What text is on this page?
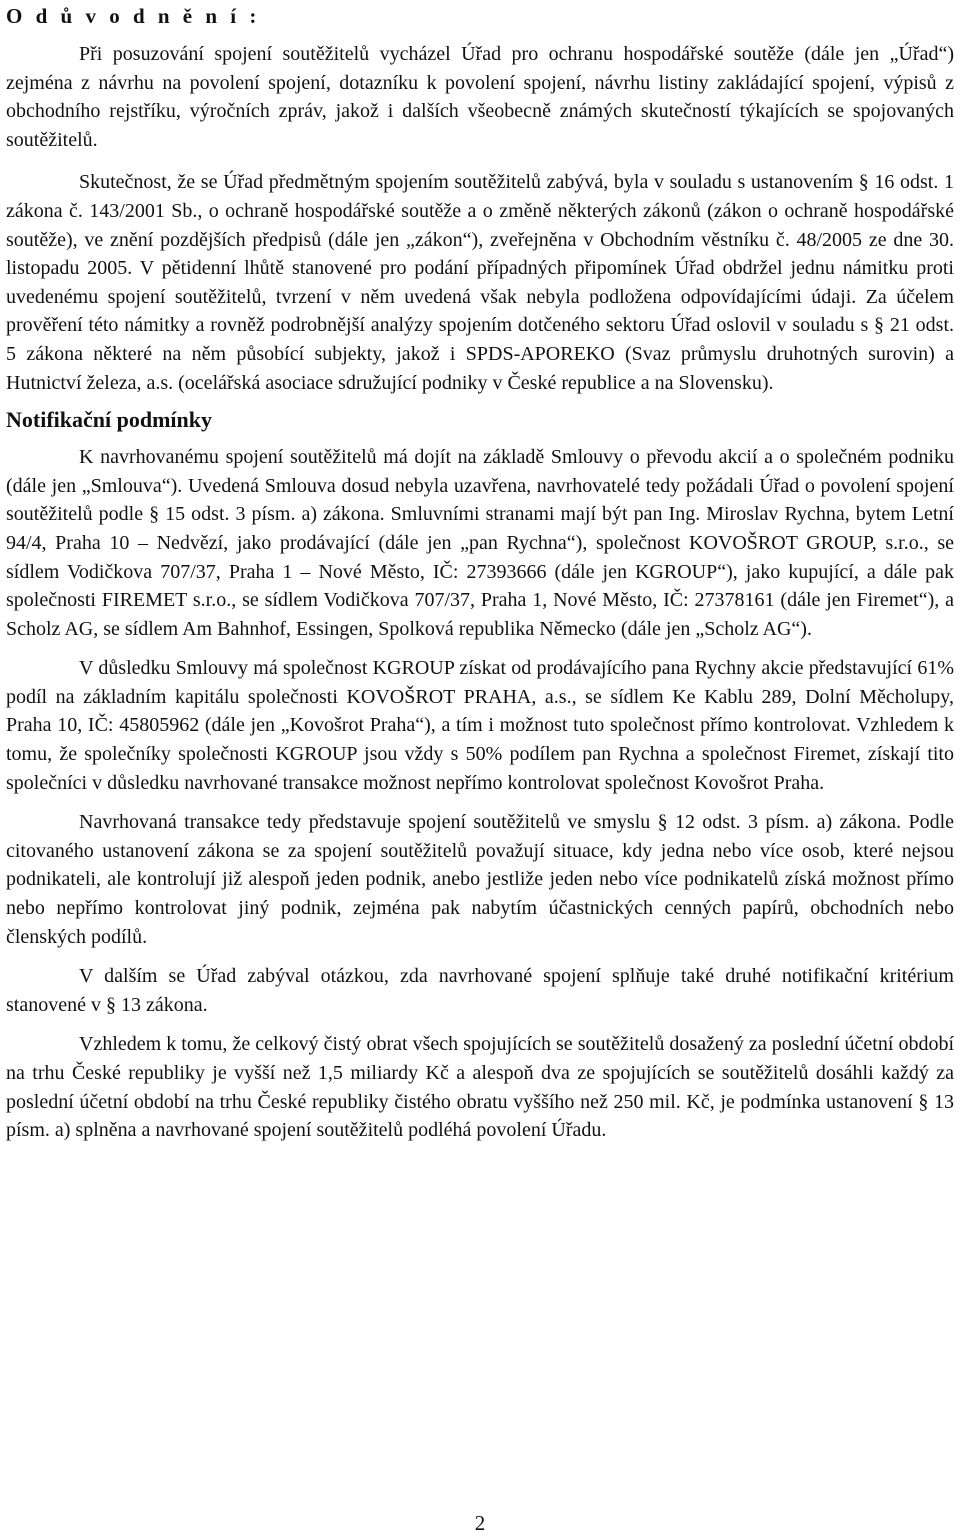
O d ů v o d n ě n í :

Při posuzování spojení soutěžitelů vycházel Úřad pro ochranu hospodářské soutěže (dále jen „Úřad“) zejména z návrhu na povolení spojení, dotazníku k povolení spojení, návrhu listiny zakládající spojení, výpisů z obchodního rejstříku, výročních zpráv, jakož i dalších všeobecně známých skutečností týkajících se spojovaných soutěžitelů.

Skutečnost, že se Úřad předmětným spojením soutěžitelů zabývá, byla v souladu s ustanovením § 16 odst. 1 zákona č. 143/2001 Sb., o ochraně hospodářské soutěže a o změně některých zákonů (zákon o ochraně hospodářské soutěže), ve znění pozdějších předpisů (dále jen „zákon“), zveřejněna v Obchodním věstníku č. 48/2005 ze dne 30. listopadu 2005. V pětidenní lhůtě stanovené pro podání případných připomínek Úřad obdržel jednu námitku proti uvedenému spojení soutěžitelů, tvrzení v něm uvedená však nebyla podložena odpovídajícími údaji. Za účelem prověření této námitky a rovněž podrobnější analýzy spojením dotčeného sektoru Úřad oslovil v souladu s § 21 odst. 5 zákona některé na něm působící subjekty, jakož i SPDS-APOREKO (Svaz průmyslu druhotných surovin) a Hutnictví železa, a.s. (ocelářská asociace sdružující podniky v České republice a na Slovensku).

Notifikační podmínky

K navrhovanému spojení soutěžitelů má dojít na základě Smlouvy o převodu akcií a o společném podniku (dále jen „Smlouva“). Uvedená Smlouva dosud nebyla uzavřena, navrhovatelé tedy požádali Úřad o povolení spojení soutěžitelů podle § 15 odst. 3 písm. a) zákona. Smluvními stranami mají být pan Ing. Miroslav Rychna, bytem Letní 94/4, Praha 10 – Nedvězí, jako prodávající (dále jen „pan Rychna“), společnost KOVOŠROT GROUP, s.r.o., se sídlem Vodičkova 707/37, Praha 1 – Nové Město, IČ: 27393666 (dále jen KGROUP“), jako kupující, a dále pak společnosti FIREMET s.r.o., se sídlem Vodičkova 707/37, Praha 1, Nové Město, IČ: 27378161 (dále jen Firemet“), a Scholz AG, se sídlem Am Bahnhof, Essingen, Spolková republika Německo (dále jen „Scholz AG“).

V důsledku Smlouvy má společnost KGROUP získat od prodávajícího pana Rychny akcie představující 61% podíl na základním kapitálu společnosti KOVOŠROT PRAHA, a.s., se sídlem Ke Kablu 289, Dolní Měcholupy, Praha 10, IČ: 45805962 (dále jen „Kovošrot Praha“), a tím i možnost tuto společnost přímo kontrolovat. Vzhledem k tomu, že společníky společnosti KGROUP jsou vždy s 50% podílem pan Rychna a společnost Firemet, získají tito společníci v důsledku navrhované transakce možnost nepřímo kontrolovat společnost Kovošrot Praha.

Navrhovaná transakce tedy představuje spojení soutěžitelů ve smyslu § 12 odst. 3 písm. a) zákona. Podle citovaného ustanovení zákona se za spojení soutěžitelů považují situace, kdy jedna nebo více osob, které nejsou podnikateli, ale kontrolují již alespoň jeden podnik, anebo jestliže jeden nebo více podnikatelů získá možnost přímo nebo nepřímo kontrolovat jiný podnik, zejména pak nabytím účastnických cenných papírů, obchodních nebo členských podílů.

V dalším se Úřad zabýval otázkou, zda navrhované spojení splňuje také druhé notifikační kritérium stanovené v § 13 zákona.

Vzhledem k tomu, že celkový čistý obrat všech spojujících se soutěžitelů dosažený za poslední účetní období na trhu České republiky je vyšší než 1,5 miliardy Kč a alespoň dva ze spojujících se soutěžitelů dosáhli každý za poslední účetní období na trhu České republiky čistého obratu vyššího než 250 mil. Kč, je podmínka ustanovení § 13 písm. a) splněna a navrhované spojení soutěžitelů podléhá povolení Úřadu.

2
